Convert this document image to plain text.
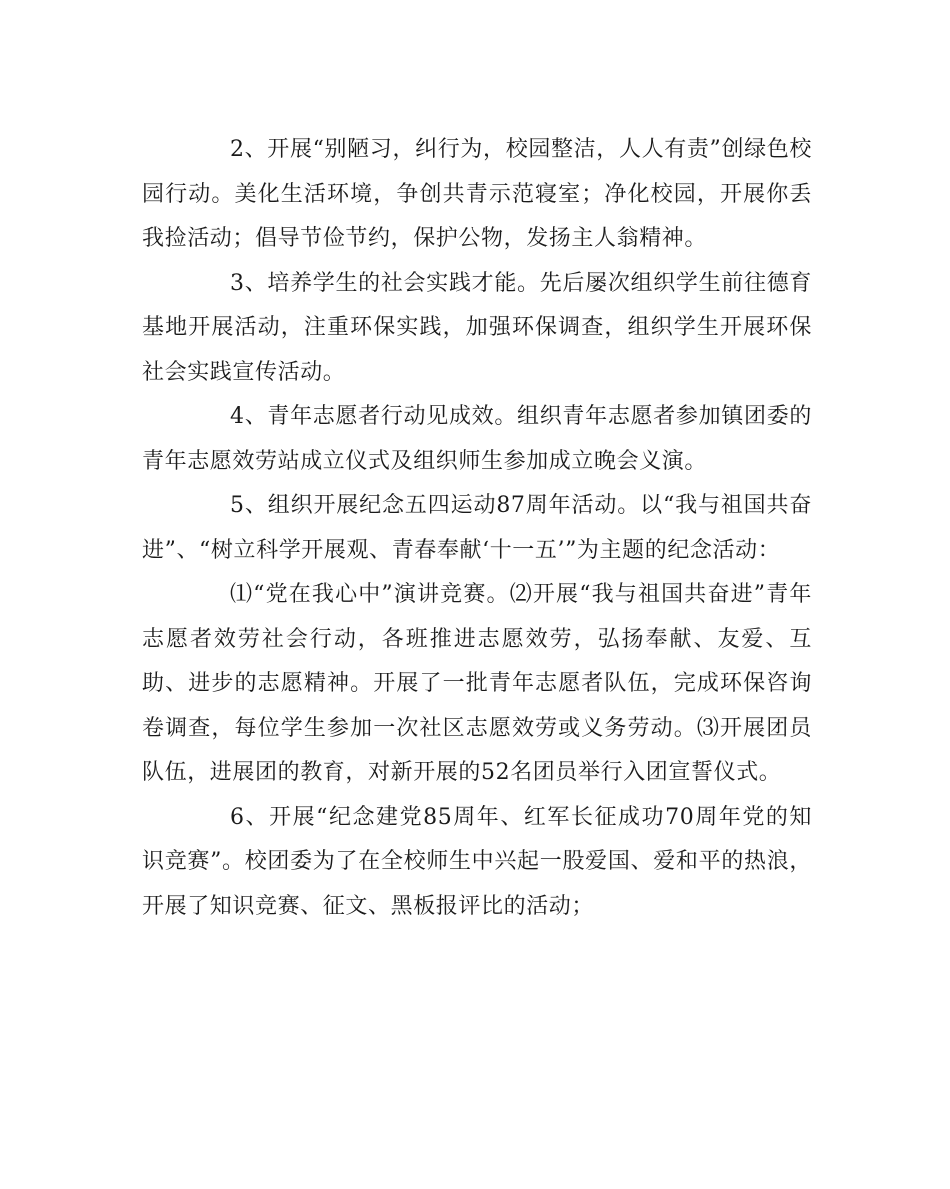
2、开展“别陋习，纠行为，校园整洁，人人有责”创绿色校园行动。美化生活环境，争创共青示范寝室；净化校园，开展你丢我捡活动；倡导节俭节约，保护公物，发扬主人翁精神。

3、培养学生的社会实践才能。先后屡次组织学生前往德育基地开展活动，注重环保实践，加强环保调查，组织学生开展环保社会实践宣传活动。

4、青年志愿者行动见成效。组织青年志愿者参加镇团委的青年志愿效劳站成立仪式及组织师生参加成立晚会义演。

5、组织开展纪念五四运动87周年活动。以“我与祖国共奋进”、“树立科学开展观、青春奉献‘十一五’”为主题的纪念活动：

⑴“党在我心中”演讲竞赛。⑵开展“我与祖国共奋进”青年志愿者效劳社会行动，各班推进志愿效劳，弘扬奉献、友爱、互助、进步的志愿精神。开展了一批青年志愿者队伍，完成环保咨询卷调查，每位学生参加一次社区志愿效劳或义务劳动。⑶开展团员队伍，进展团的教育，对新开展的52名团员举行入团宣誓仪式。

6、开展“纪念建党85周年、红军长征成功70周年党的知识竞赛”。校团委为了在全校师生中兴起一股爱国、爱和平的热浪，开展了知识竞赛、征文、黑板报评比的活动；
